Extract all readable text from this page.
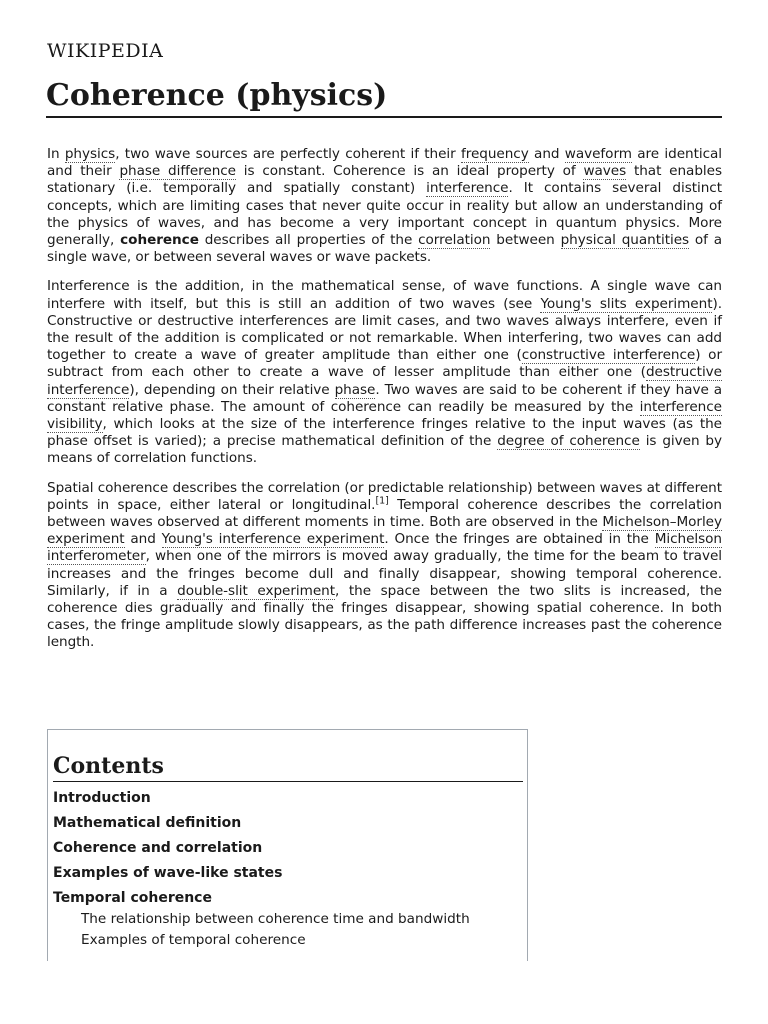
WIKIPEDIA
Coherence (physics)

In physics, two wave sources are perfectly coherent if their frequency and waveform are identical and their phase difference is constant. Coherence is an ideal property of waves that enables stationary (i.e. temporally and spatially constant) interference. It contains several distinct concepts, which are limiting cases that never quite occur in reality but allow an understanding of the physics of waves, and has become a very important concept in quantum physics. More generally, coherence describes all properties of the correlation between physical quantities of a single wave, or between several waves or wave packets.

Interference is the addition, in the mathematical sense, of wave functions. A single wave can interfere with itself, but this is still an addition of two waves (see Young's slits experiment). Constructive or destructive interferences are limit cases, and two waves always interfere, even if the result of the addition is complicated or not remarkable. When interfering, two waves can add together to create a wave of greater amplitude than either one (constructive interference) or subtract from each other to create a wave of lesser amplitude than either one (destructive interference), depending on their relative phase. Two waves are said to be coherent if they have a constant relative phase. The amount of coherence can readily be measured by the interference visibility, which looks at the size of the interference fringes relative to the input waves (as the phase offset is varied); a precise mathematical definition of the degree of coherence is given by means of correlation functions.

Spatial coherence describes the correlation (or predictable relationship) between waves at different points in space, either lateral or longitudinal.[1] Temporal coherence describes the correlation between waves observed at different moments in time. Both are observed in the Michelson–Morley experiment and Young's interference experiment. Once the fringes are obtained in the Michelson interferometer, when one of the mirrors is moved away gradually, the time for the beam to travel increases and the fringes become dull and finally disappear, showing temporal coherence. Similarly, if in a double-slit experiment, the space between the two slits is increased, the coherence dies gradually and finally the fringes disappear, showing spatial coherence. In both cases, the fringe amplitude slowly disappears, as the path difference increases past the coherence length.

Contents
Introduction
Mathematical definition
Coherence and correlation
Examples of wave-like states
Temporal coherence
The relationship between coherence time and bandwidth
Examples of temporal coherence
